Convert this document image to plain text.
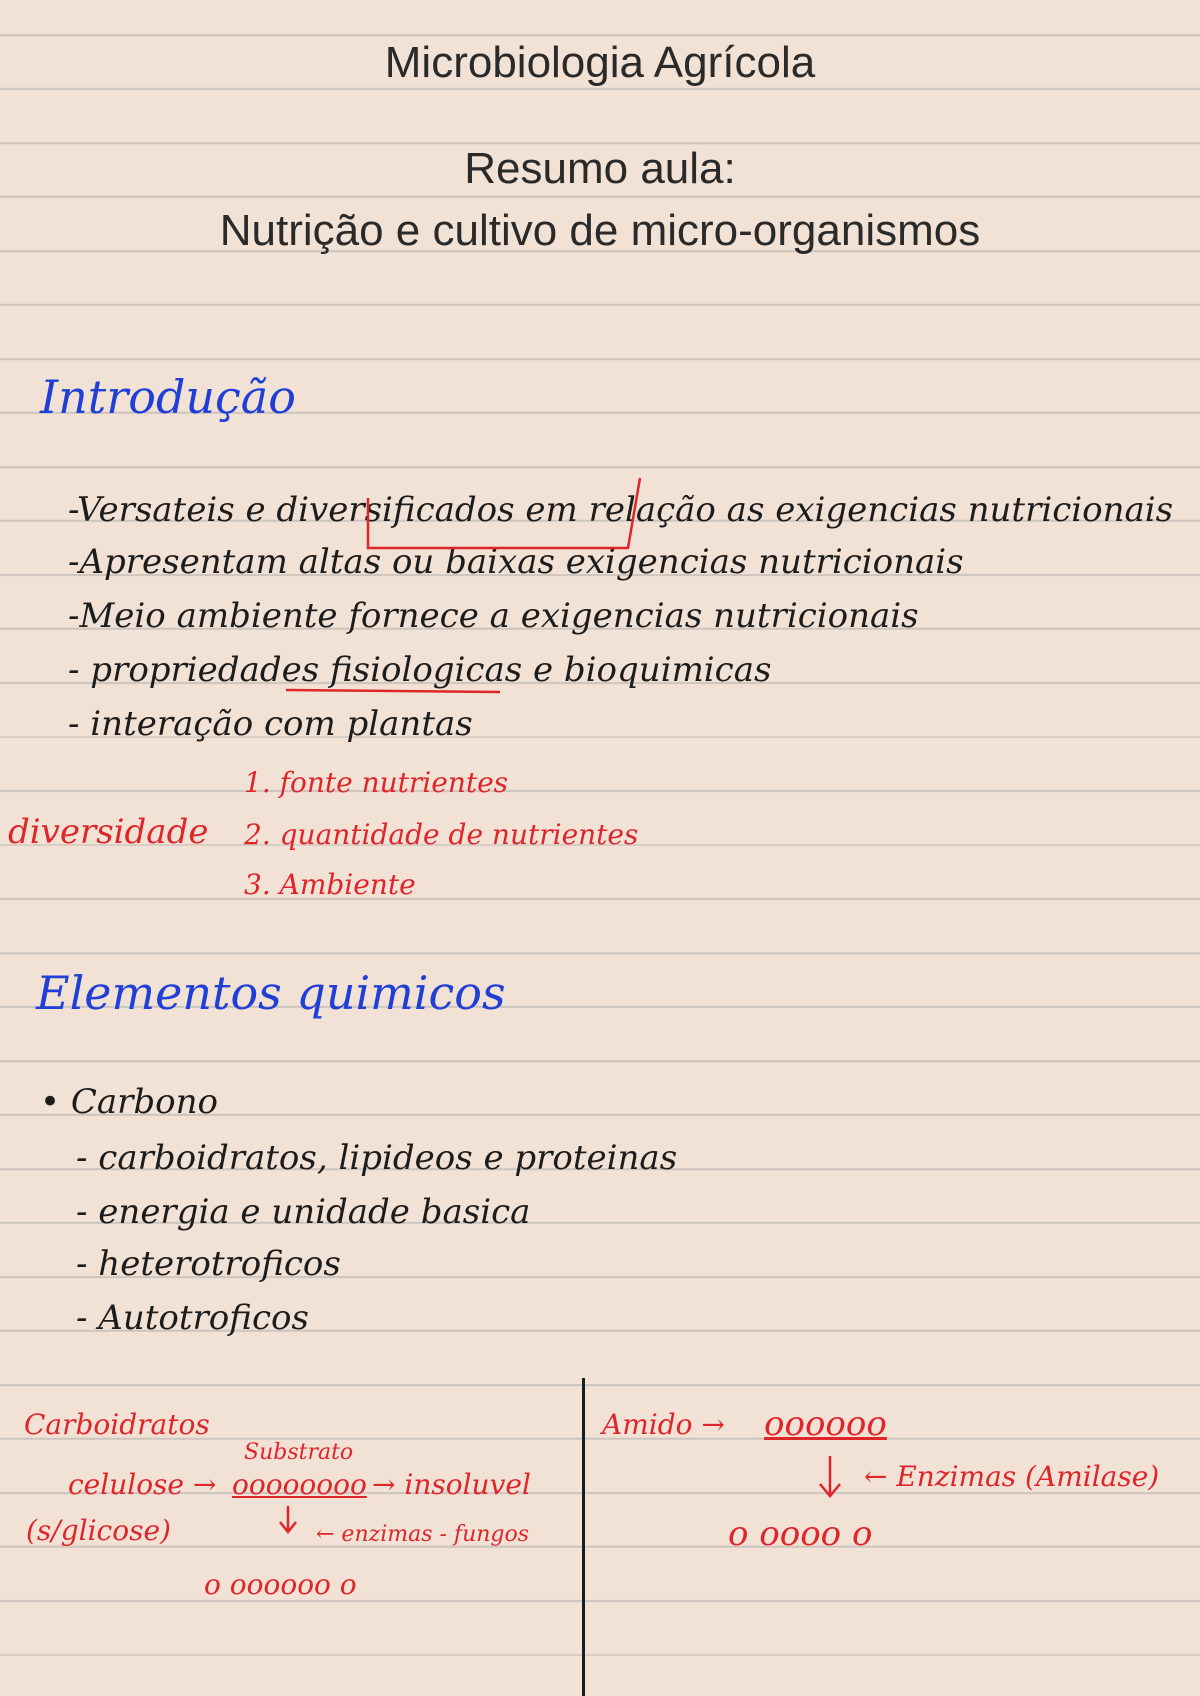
Microbiologia Agrícola
Resumo aula:
Nutrição e cultivo de micro-organismos
Introdução
-Versateis e diversificados em relação as exigencias nutricionais
-Apresentam altas ou baixas exigencias nutricionais
-Meio ambiente fornece a exigencias nutricionais
- propriedades fisiologicas e bioquimicas
- interação com plantas
diversidade
1. fonte nutrientes
2. quantidade de nutrientes
3. Ambiente
Elementos quimicos
• Carbono
- carboidratos, lipideos e proteinas
- energia e unidade basica
- heterotroficos
- Autotroficos
Carboidratos
Substrato
celulose → oooooooo → insoluvel
(s/glicose)	← enzimas - fungos
o oooooo o
Amido → oooooo
← Enzimas (Amilase)
o oooo o
